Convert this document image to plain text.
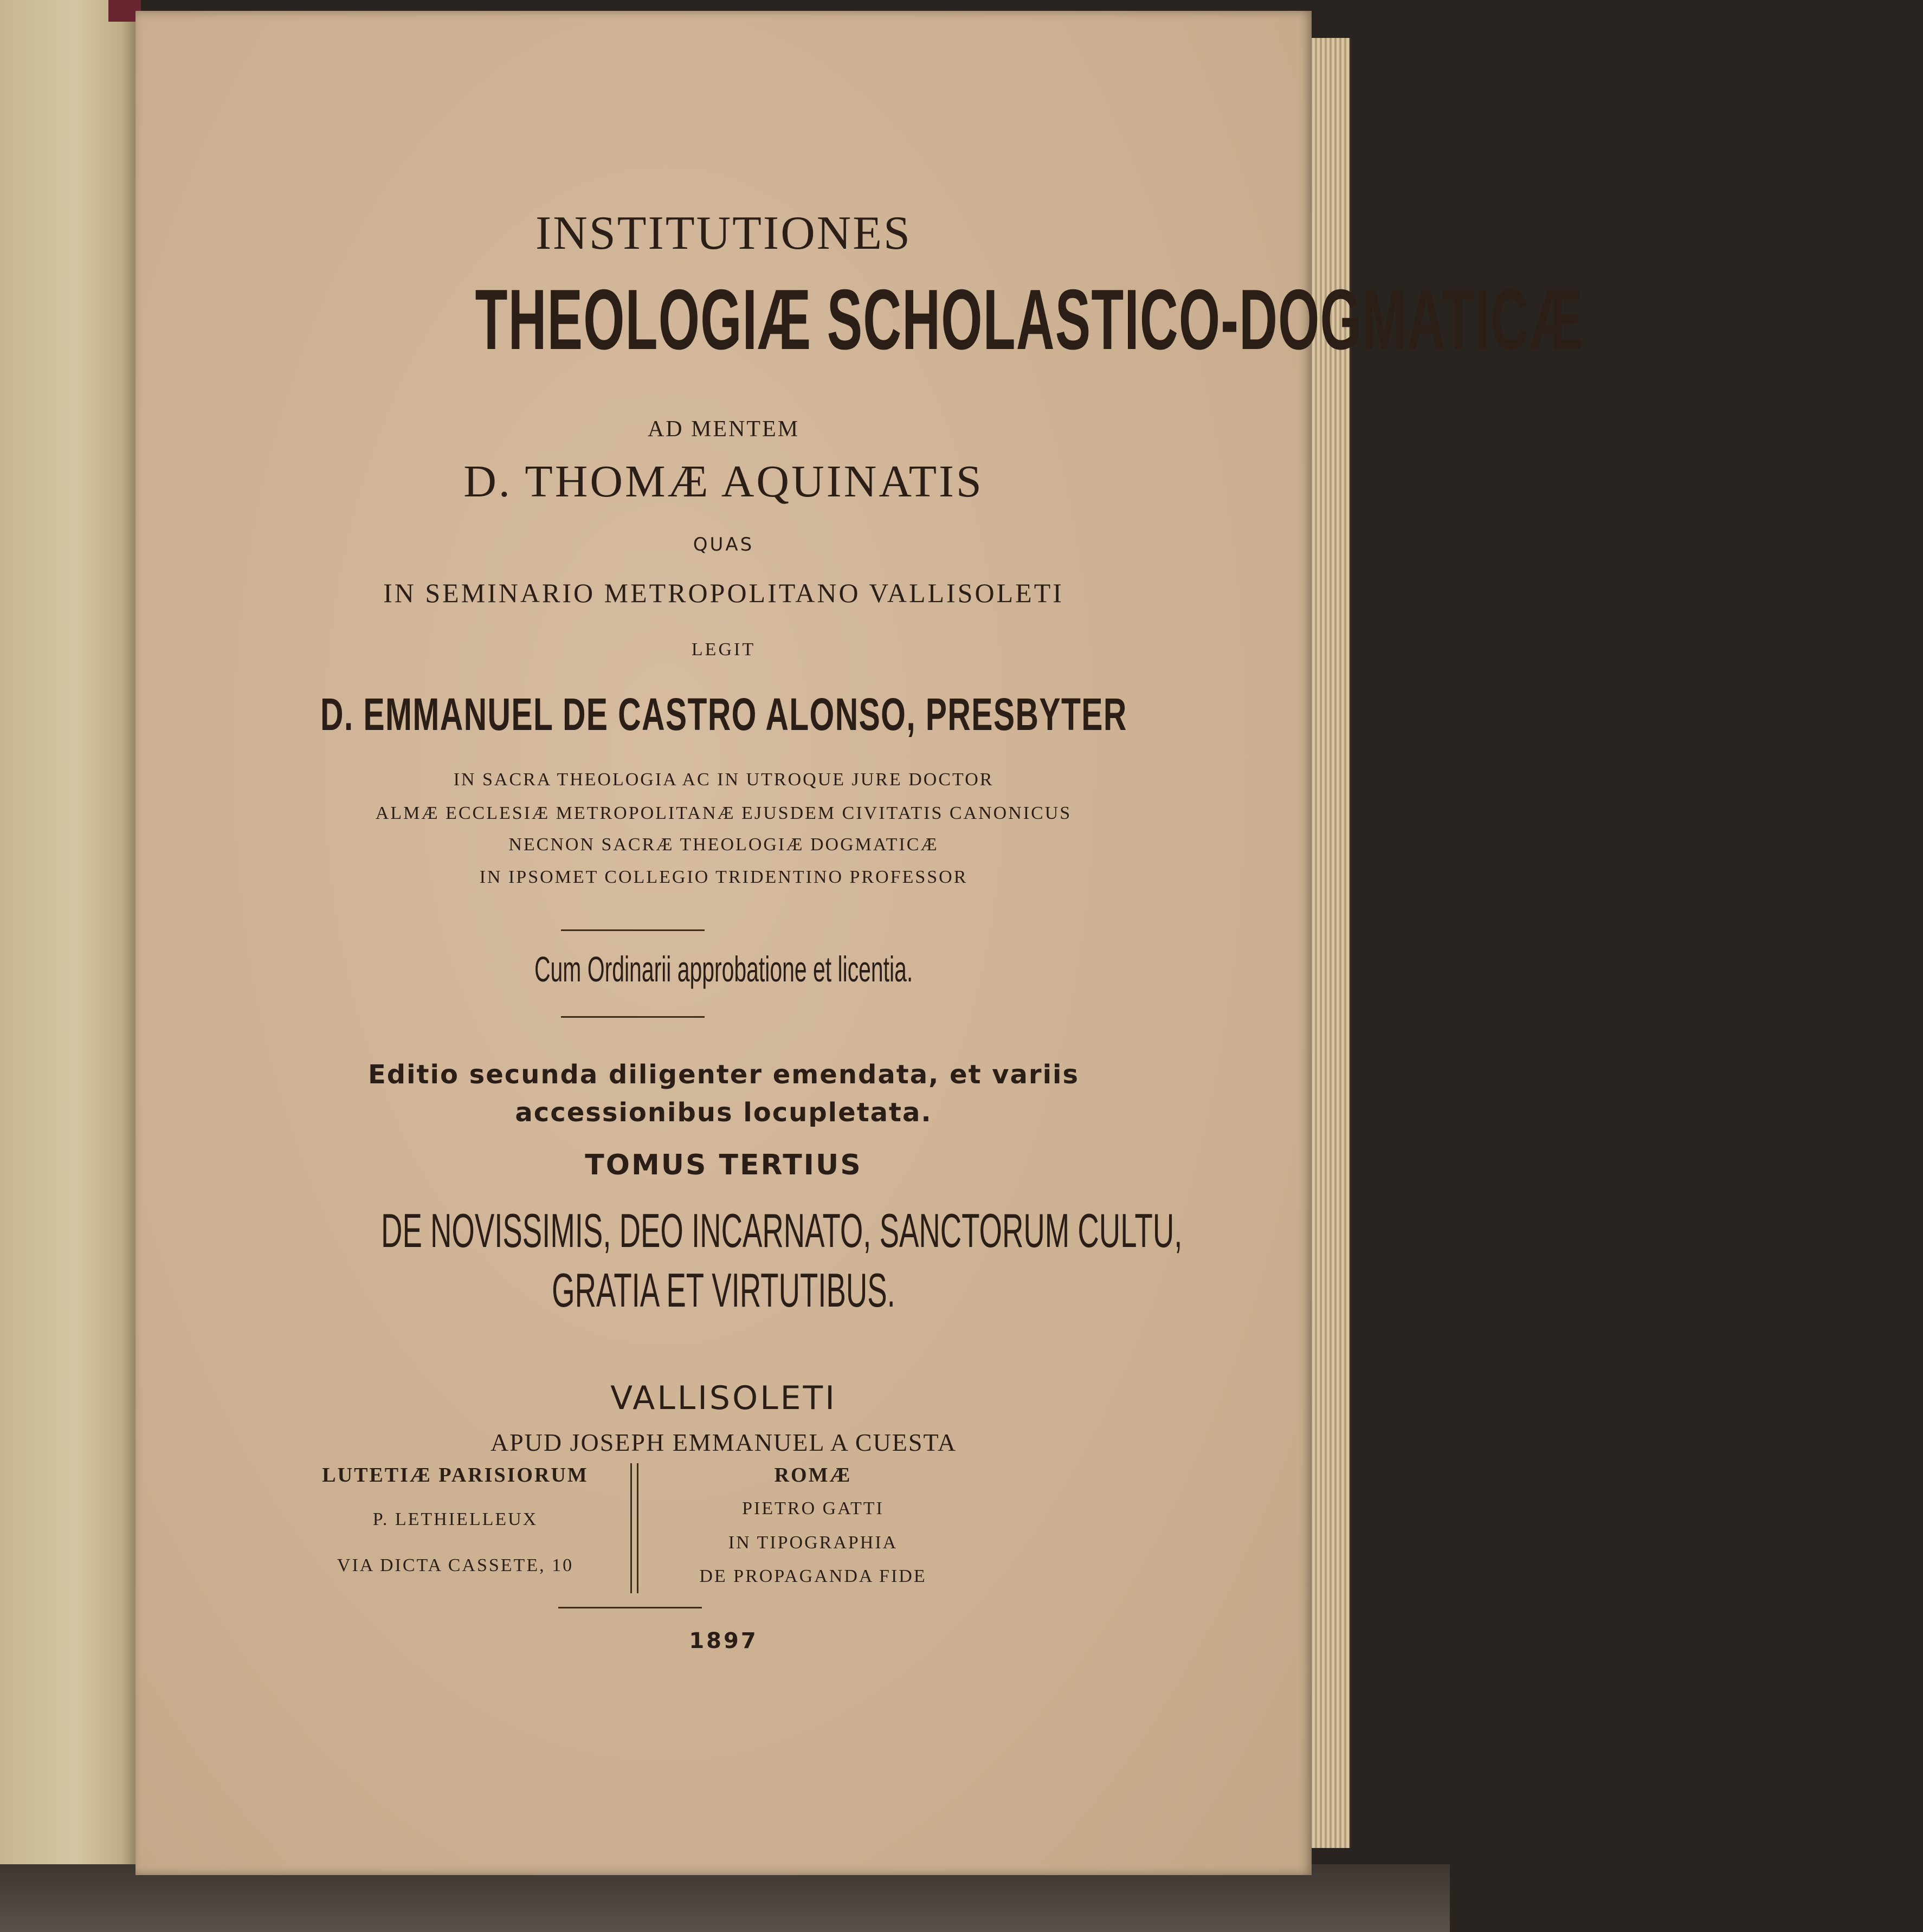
INSTITUTIONES
THEOLOGIÆ SCHOLASTICO-DOGMATICÆ
AD MENTEM
D. THOMÆ AQUINATIS
QUAS
IN SEMINARIO METROPOLITANO VALLISOLETI
LEGIT
D. EMMANUEL DE CASTRO ALONSO, PRESBYTER
IN SACRA THEOLOGIA AC IN UTROQUE JURE DOCTOR
ALMÆ ECCLESIÆ METROPOLITANÆ EJUSDEM CIVITATIS CANONICUS
NECNON SACRÆ THEOLOGIÆ DOGMATICÆ
IN IPSOMET COLLEGIO TRIDENTINO PROFESSOR
Cum Ordinarii approbatione et licentia.
Editio secunda diligenter emendata, et variis
accessionibus locupletata.
TOMUS TERTIUS
DE NOVISSIMIS, DEO INCARNATO, SANCTORUM CULTU,
GRATIA ET VIRTUTIBUS.
VALLISOLETI
APUD JOSEPH EMMANUEL A CUESTA
LUTETIÆ PARISIORUM
P. LETHIELLEUX
VIA DICTA CASSETE, 10
ROMÆ
PIETRO GATTI
IN TIPOGRAPHIA
DE PROPAGANDA FIDE
1897
